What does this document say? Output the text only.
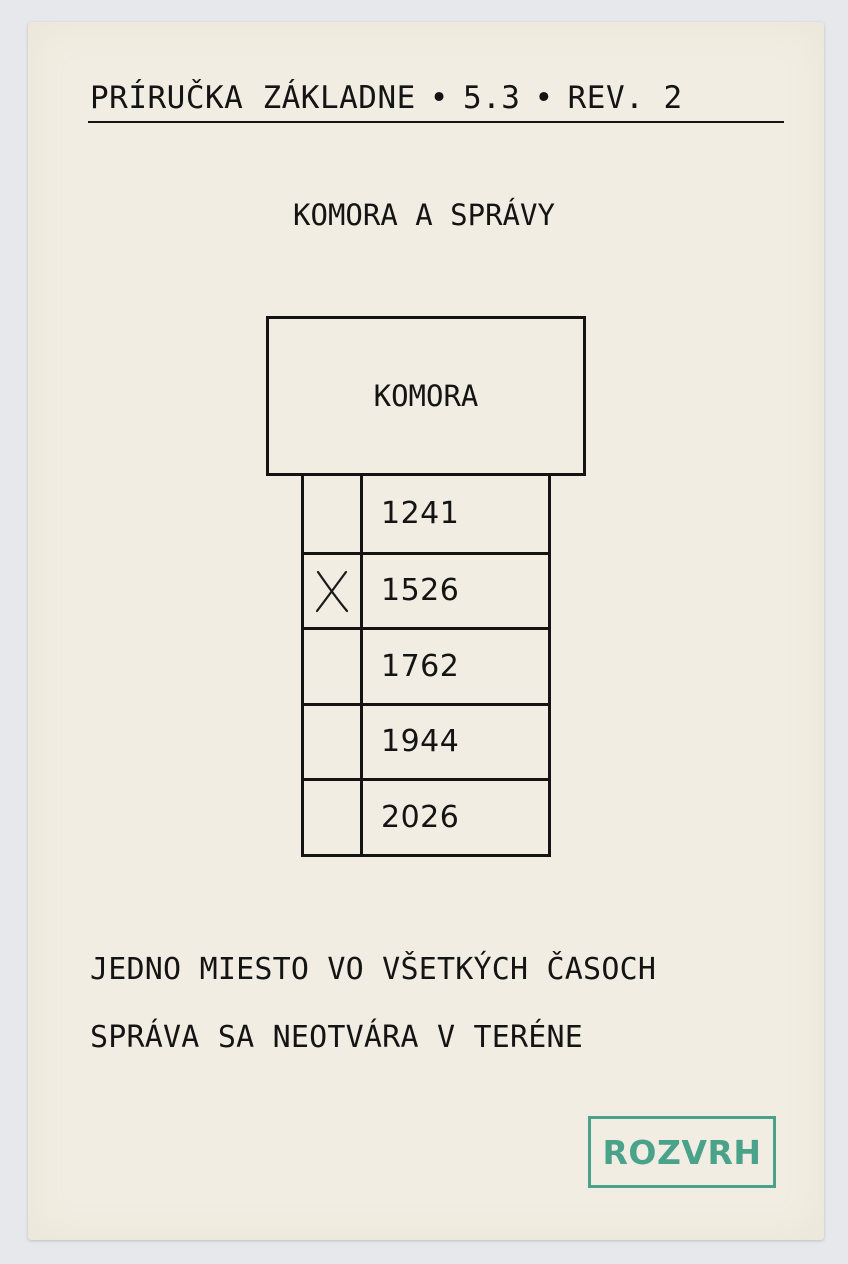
PRÍRUČKA ZÁKLADNE • 5.3 • REV. 2
KOMORA A SPRÁVY
KOMORA
1241
1526
1762
1944
2026
JEDNO MIESTO VO VŠETKÝCH ČASOCH
SPRÁVA SA NEOTVÁRA V TERÉNE
ROZVRH
